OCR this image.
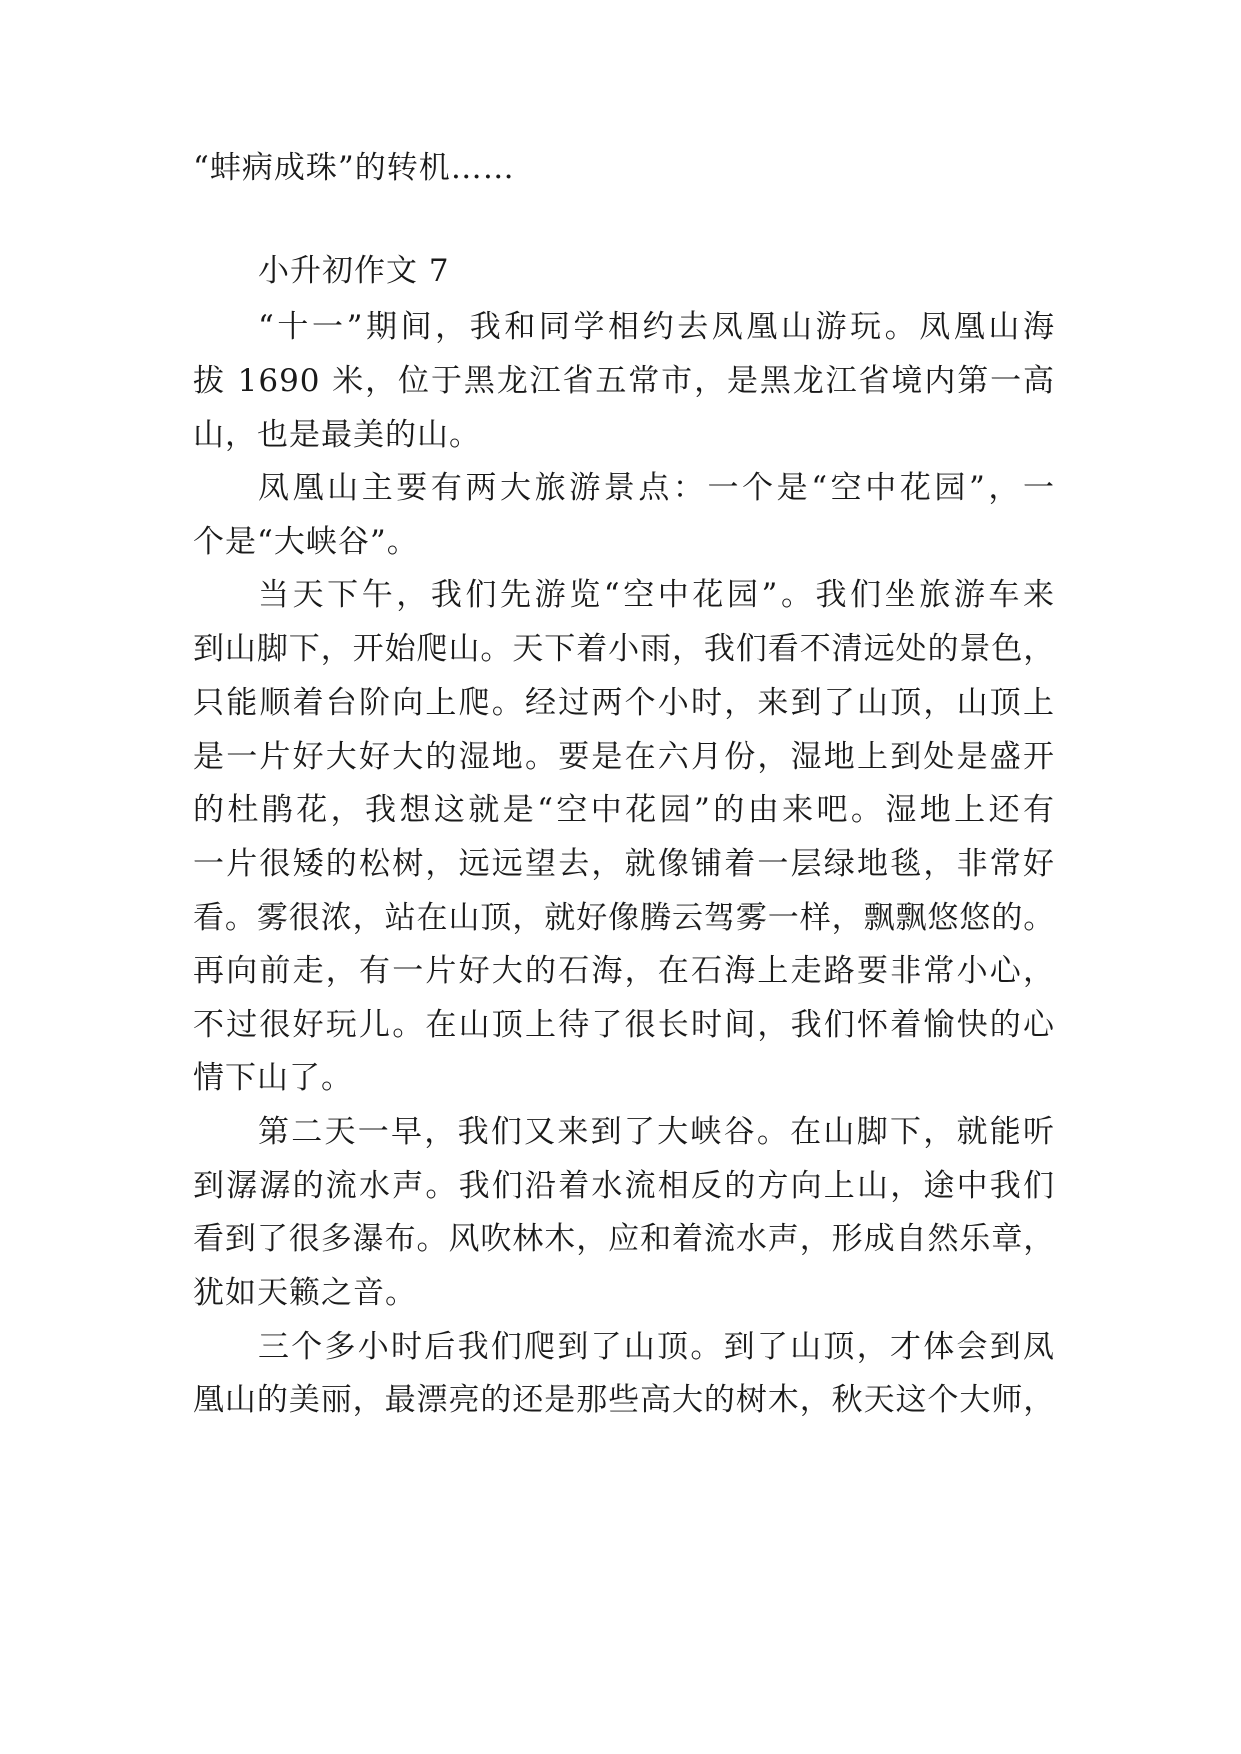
“蚌病成珠”的转机……
小升初作文 7
“十一”期间，我和同学相约去凤凰山游玩。凤凰山海
拔 1690 米，位于黑龙江省五常市，是黑龙江省境内第一高
山，也是最美的山。
凤凰山主要有两大旅游景点：一个是“空中花园”，一
个是“大峡谷”。
当天下午，我们先游览“空中花园”。我们坐旅游车来
到山脚下，开始爬山。天下着小雨，我们看不清远处的景色，
只能顺着台阶向上爬。经过两个小时，来到了山顶，山顶上
是一片好大好大的湿地。要是在六月份，湿地上到处是盛开
的杜鹃花，我想这就是“空中花园”的由来吧。湿地上还有
一片很矮的松树，远远望去，就像铺着一层绿地毯，非常好
看。雾很浓，站在山顶，就好像腾云驾雾一样，飘飘悠悠的。
再向前走，有一片好大的石海，在石海上走路要非常小心，
不过很好玩儿。在山顶上待了很长时间，我们怀着愉快的心
情下山了。
第二天一早，我们又来到了大峡谷。在山脚下，就能听
到潺潺的流水声。我们沿着水流相反的方向上山，途中我们
看到了很多瀑布。风吹林木，应和着流水声，形成自然乐章，
犹如天籁之音。
三个多小时后我们爬到了山顶。到了山顶，才体会到凤
凰山的美丽，最漂亮的还是那些高大的树木，秋天这个大师，
